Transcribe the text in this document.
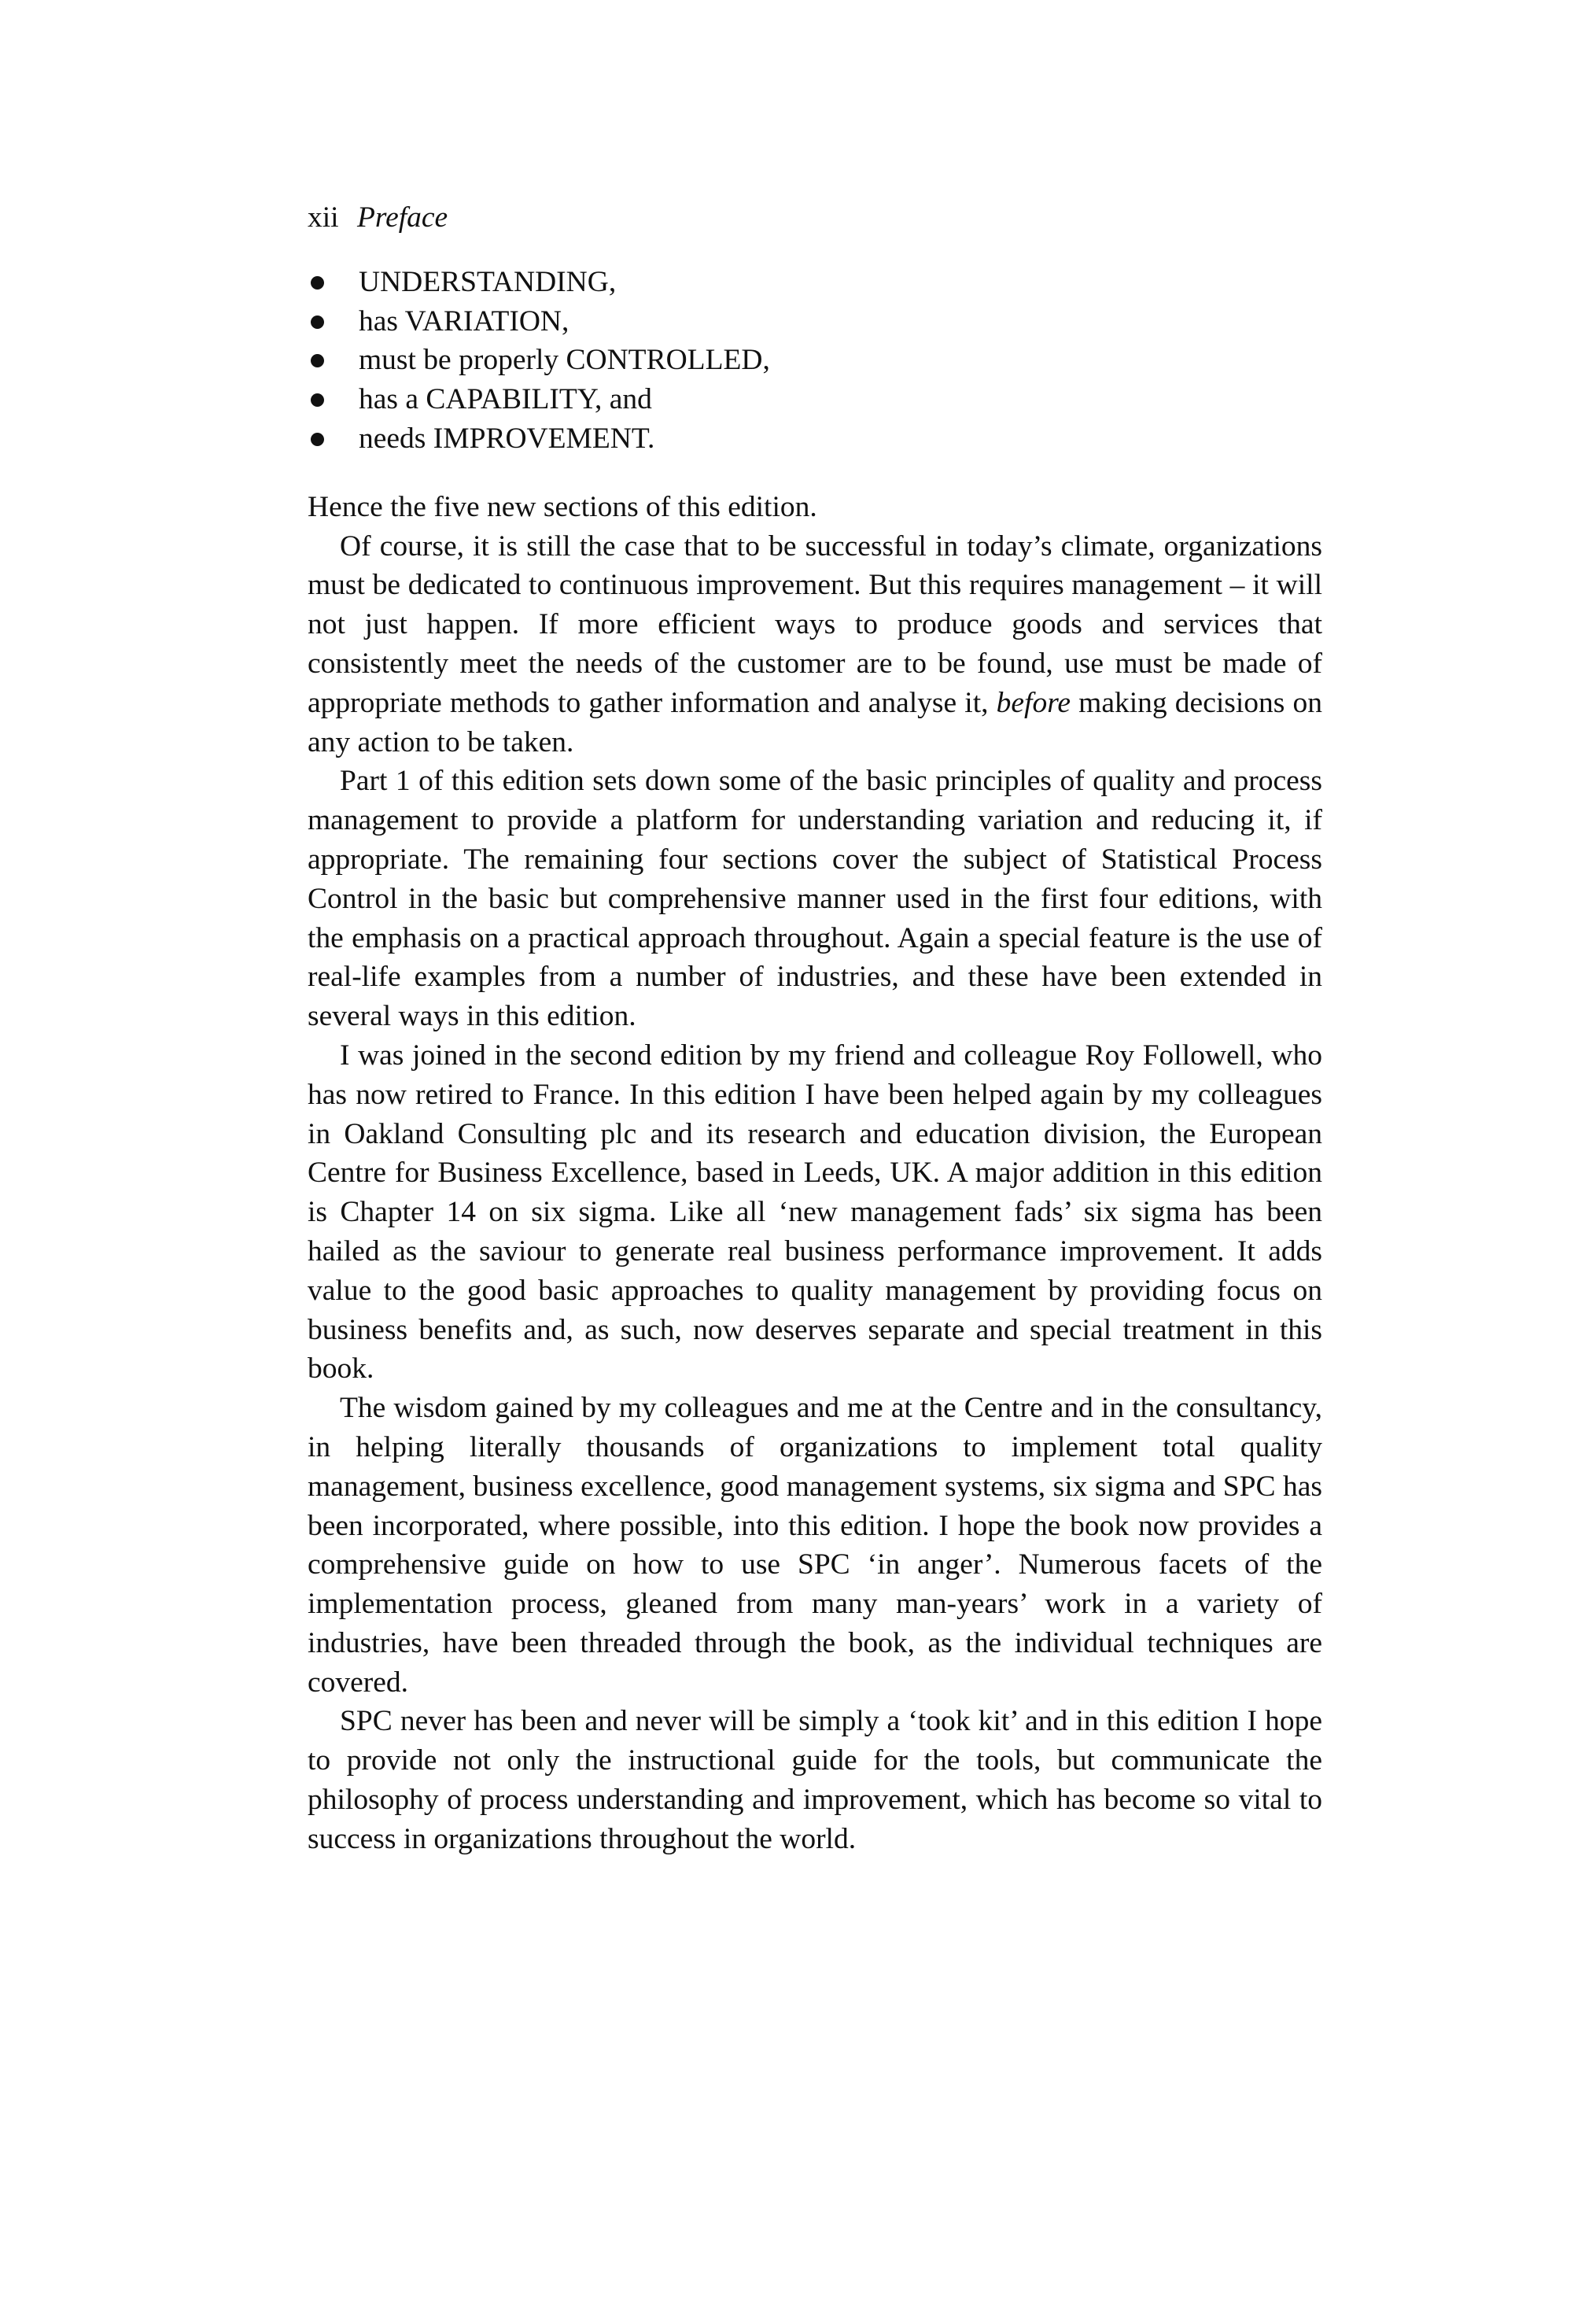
xii Preface
UNDERSTANDING,
has VARIATION,
must be properly CONTROLLED,
has a CAPABILITY, and
needs IMPROVEMENT.

Hence the five new sections of this edition.

Of course, it is still the case that to be successful in today’s climate, organizations must be dedicated to continuous improvement. But this requires management – it will not just happen. If more efficient ways to produce goods and services that consistently meet the needs of the customer are to be found, use must be made of appropriate methods to gather information and analyse it, before making decisions on any action to be taken.

Part 1 of this edition sets down some of the basic principles of quality and process management to provide a platform for understanding variation and reducing it, if appropriate. The remaining four sections cover the subject of Statistical Process Control in the basic but comprehensive manner used in the first four editions, with the emphasis on a practical approach throughout. Again a special feature is the use of real-life examples from a number of industries, and these have been extended in several ways in this edition.

I was joined in the second edition by my friend and colleague Roy Followell, who has now retired to France. In this edition I have been helped again by my colleagues in Oakland Consulting plc and its research and education division, the European Centre for Business Excellence, based in Leeds, UK. A major addition in this edition is Chapter 14 on six sigma. Like all ‘new management fads’ six sigma has been hailed as the saviour to generate real business performance improvement. It adds value to the good basic approaches to quality management by providing focus on business benefits and, as such, now deserves separate and special treatment in this book.

The wisdom gained by my colleagues and me at the Centre and in the consultancy, in helping literally thousands of organizations to implement total quality management, business excellence, good management systems, six sigma and SPC has been incorporated, where possible, into this edition. I hope the book now provides a comprehensive guide on how to use SPC ‘in anger’. Numerous facets of the implementation process, gleaned from many man-years’ work in a variety of industries, have been threaded through the book, as the individual techniques are covered.

SPC never has been and never will be simply a ‘took kit’ and in this edition I hope to provide not only the instructional guide for the tools, but communicate the philosophy of process understanding and improvement, which has become so vital to success in organizations throughout the world.
